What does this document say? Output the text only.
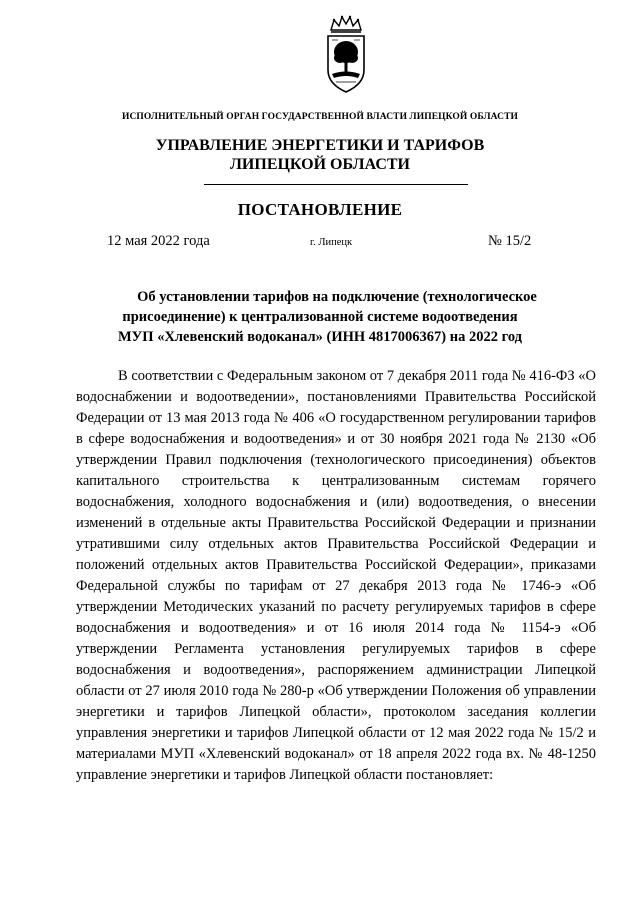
ИСПОЛНИТЕЛЬНЫЙ ОРГАН ГОСУДАРСТВЕННОЙ ВЛАСТИ ЛИПЕЦКОЙ ОБЛАСТИ
УПРАВЛЕНИЕ ЭНЕРГЕТИКИ И ТАРИФОВ
ЛИПЕЦКОЙ ОБЛАСТИ
ПОСТАНОВЛЕНИЕ
12 мая 2022 года	г. Липецк	№ 15/2
Об установлении тарифов на подключение (технологическое
присоединение) к централизованной системе водоотведения
МУП «Хлевенский водоканал» (ИНН 4817006367) на 2022 год

В соответствии с Федеральным законом от 7 декабря 2011 года № 416-ФЗ «О водоснабжении и водоотведении», постановлениями Правительства Российской Федерации от 13 мая 2013 года № 406 «О государственном регулировании тарифов в сфере водоснабжения и водоотведения» и от 30 ноября 2021 года № 2130 «Об утверждении Правил подключения (технологического присоединения) объектов капитального строительства к централизованным системам горячего водоснабжения, холодного водоснабжения и (или) водоотведения, о внесении изменений в отдельные акты Правительства Российской Федерации и признании утратившими силу отдельных актов Правительства Российской Федерации и положений отдельных актов Правительства Российской Федерации», приказами Федеральной службы по тарифам от 27 декабря 2013 года № 1746-э «Об утверждении Методических указаний по расчету регулируемых тарифов в сфере водоснабжения и водоотведения» и от 16 июля 2014 года № 1154-э «Об утверждении Регламента установления регулируемых тарифов в сфере водоснабжения и водоотведения», распоряжением администрации Липецкой области от 27 июля 2010 года № 280-р «Об утверждении Положения об управлении энергетики и тарифов Липецкой области», протоколом заседания коллегии управления энергетики и тарифов Липецкой области от 12 мая 2022 года № 15/2 и материалами МУП «Хлевенский водоканал» от 18 апреля 2022 года вх. № 48-1250 управление энергетики и тарифов Липецкой области постановляет:
